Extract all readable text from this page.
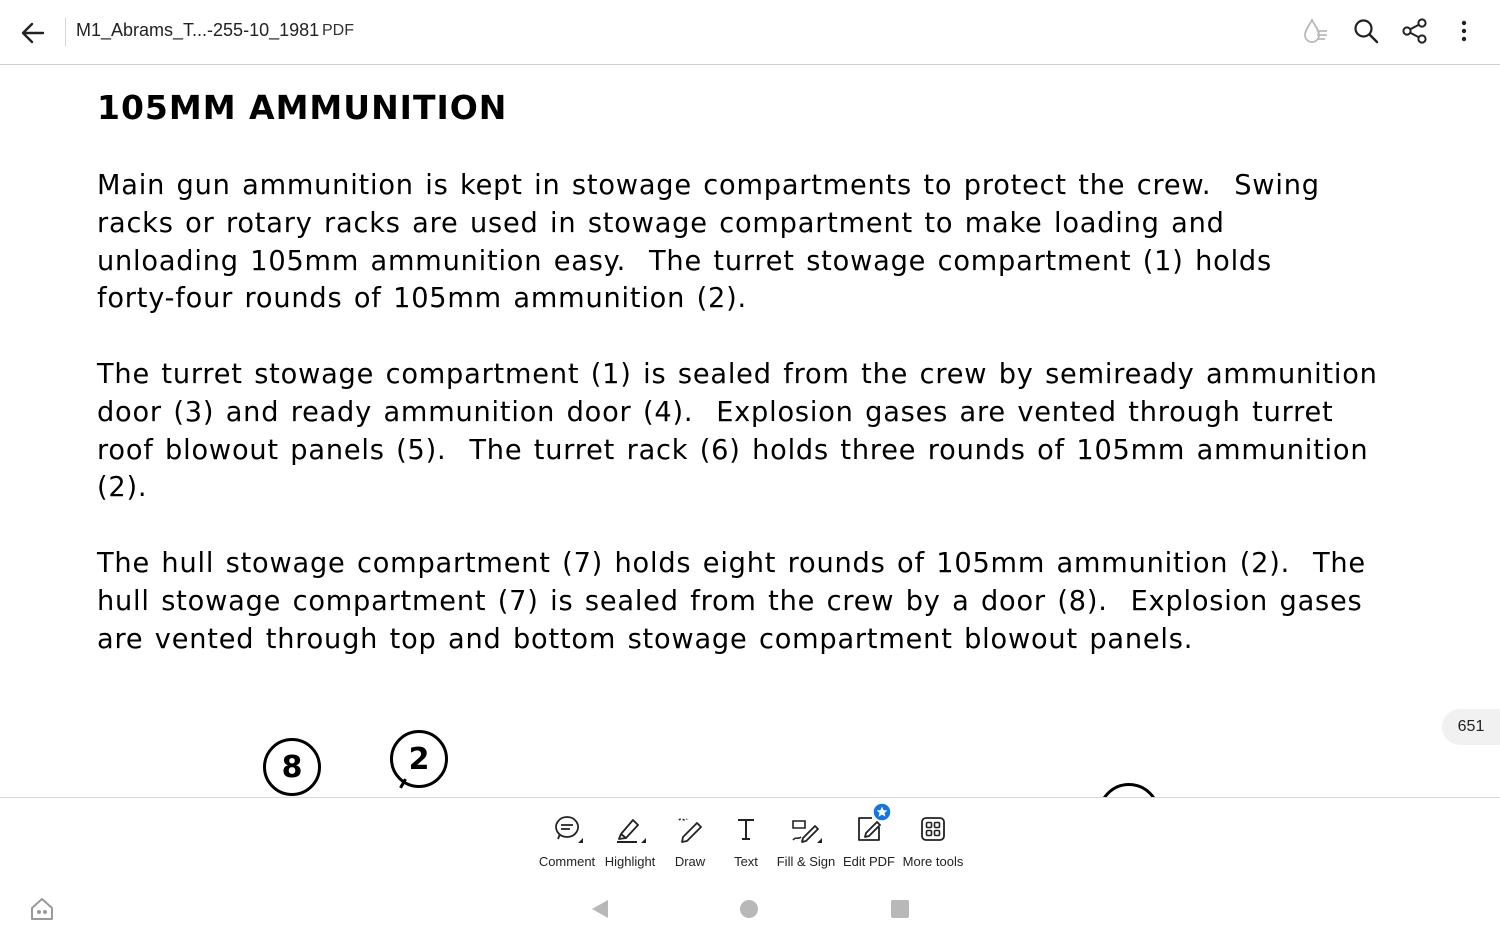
M1_Abrams_T...-255-10_1981 PDF
105MM AMMUNITION

Main gun ammunition is kept in stowage compartments to protect the crew.  Swing
racks or rotary racks are used in stowage compartment to make loading and
unloading 105mm ammunition easy.  The turret stowage compartment (1) holds
forty-four rounds of 105mm ammunition (2).

The turret stowage compartment (1) is sealed from the crew by semiready ammunition
door (3) and ready ammunition door (4).  Explosion gases are vented through turret
roof blowout panels (5).  The turret rack (6) holds three rounds of 105mm ammunition
(2).

The hull stowage compartment (7) holds eight rounds of 105mm ammunition (2).  The
hull stowage compartment (7) is sealed from the crew by a door (8).  Explosion gases
are vented through top and bottom stowage compartment blowout panels.

8	2
651
Comment Highlight Draw Text Fill & Sign Edit PDF More tools
